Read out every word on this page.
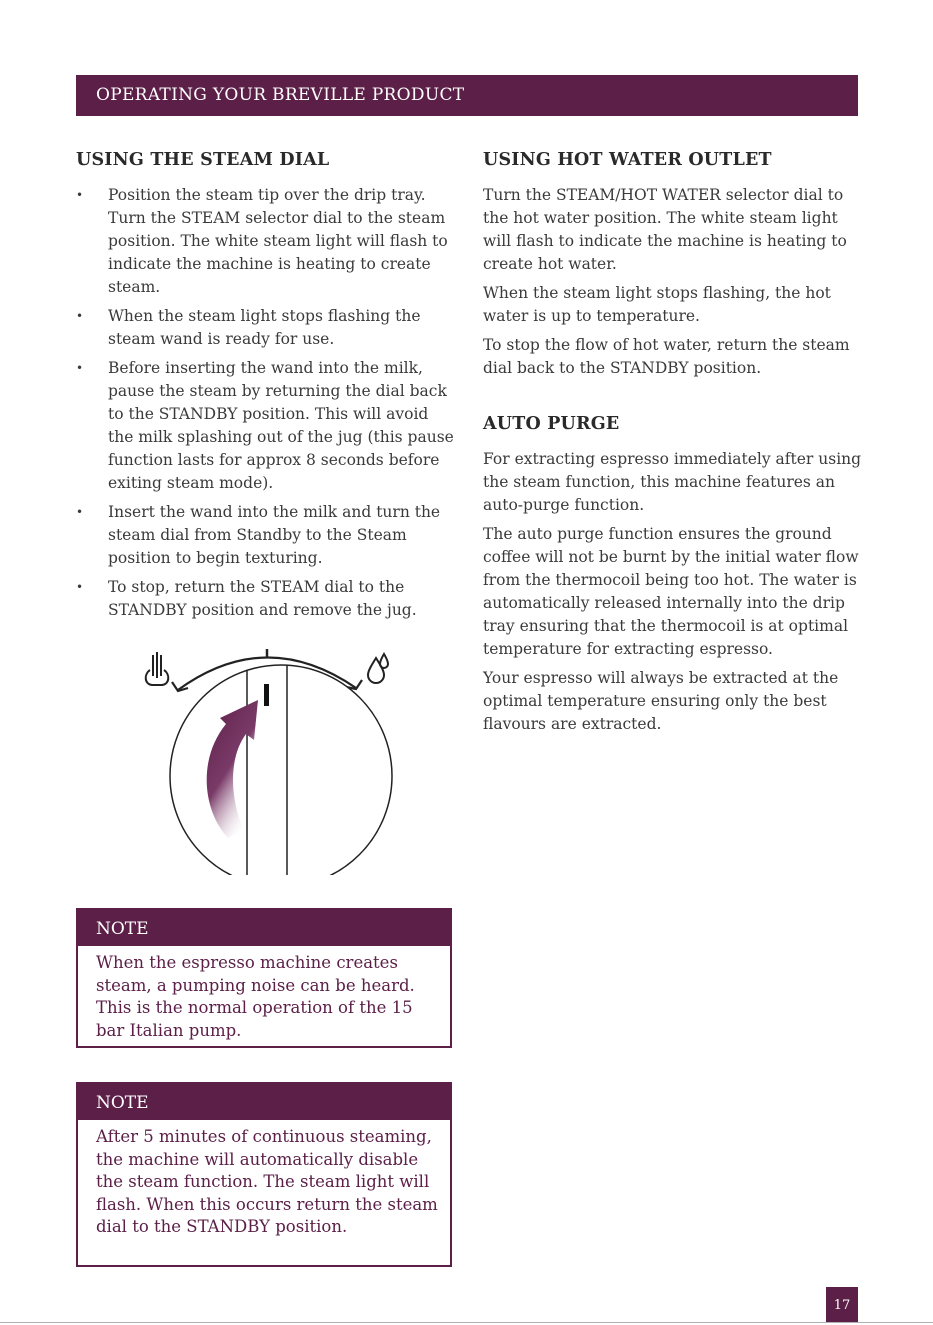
OPERATING YOUR BREVILLE PRODUCT
USING THE STEAM DIAL
• Position the steam tip over the drip tray. Turn the STEAM selector dial to the steam position. The white steam light will flash to indicate the machine is heating to create steam.
• When the steam light stops flashing the steam wand is ready for use.
• Before inserting the wand into the milk, pause the steam by returning the dial back to the STANDBY position. This will avoid the milk splashing out of the jug (this pause function lasts for approx 8 seconds before exiting steam mode).
• Insert the wand into the milk and turn the steam dial from Standby to the Steam position to begin texturing.
• To stop, return the STEAM dial to the STANDBY position and remove the jug.
USING HOT WATER OUTLET

Turn the STEAM/HOT WATER selector dial to the hot water position. The white steam light will flash to indicate the machine is heating to create hot water.

When the steam light stops flashing, the hot water is up to temperature.

To stop the flow of hot water, return the steam dial back to the STANDBY position.

AUTO PURGE

For extracting espresso immediately after using the steam function, this machine features an auto-purge function.

The auto purge function ensures the ground coffee will not be burnt by the initial water flow from the thermocoil being too hot. The water is automatically released internally into the drip tray ensuring that the thermocoil is at optimal temperature for extracting espresso.

Your espresso will always be extracted at the optimal temperature ensuring only the best flavours are extracted.

NOTE
When the espresso machine creates steam, a pumping noise can be heard. This is the normal operation of the 15 bar Italian pump.
NOTE
After 5 minutes of continuous steaming, the machine will automatically disable the steam function. The steam light will flash. When this occurs return the steam dial to the STANDBY position.
17
